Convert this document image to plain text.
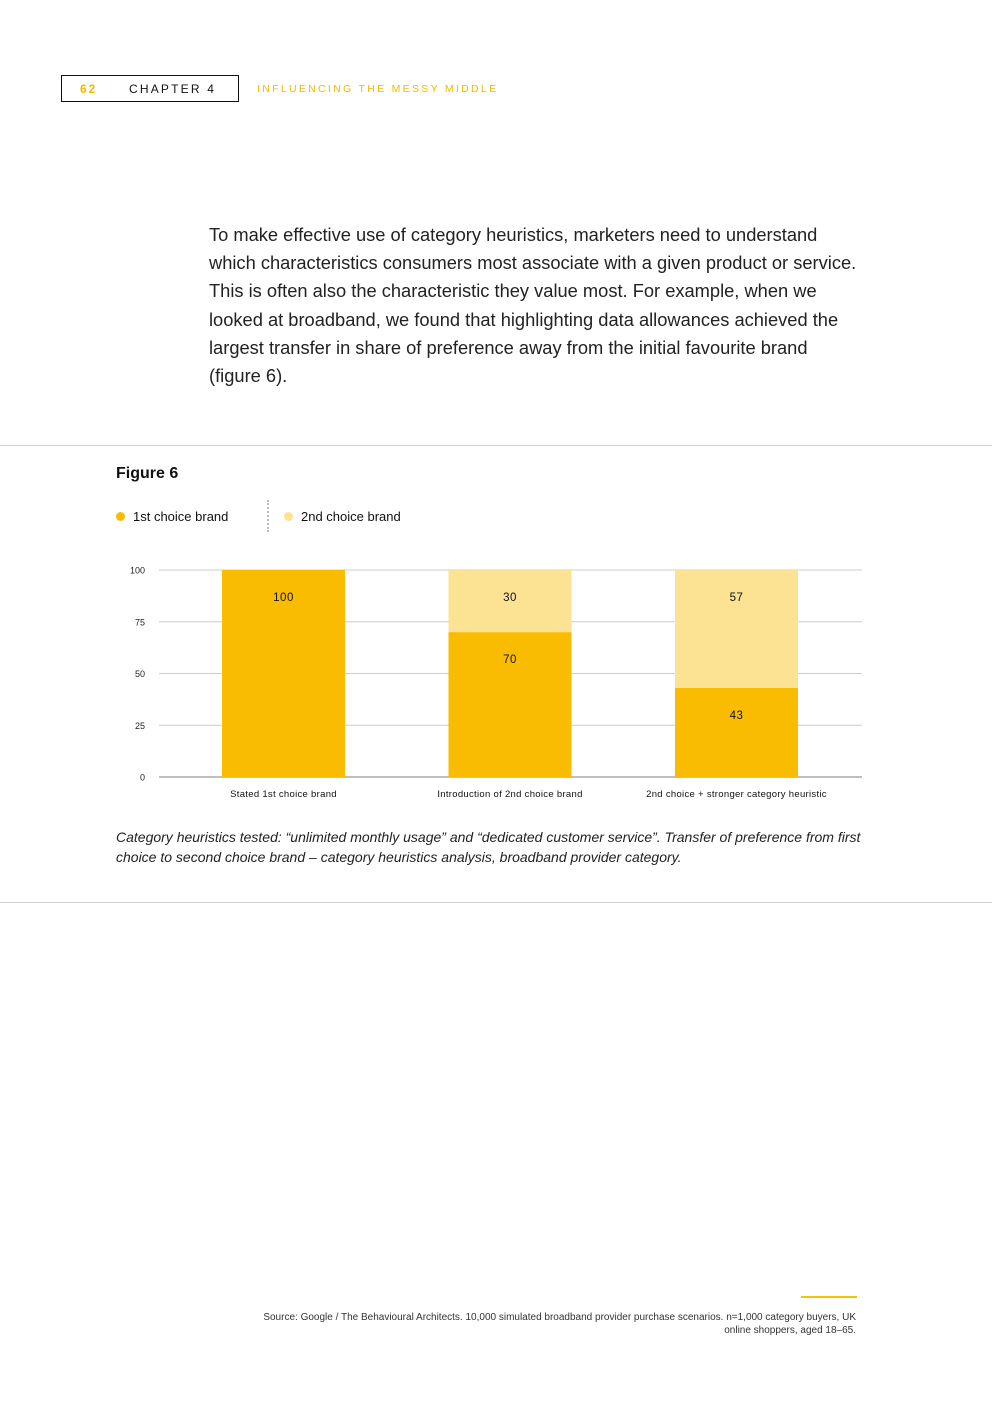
62	CHAPTER 4	INFLUENCING THE MESSY MIDDLE
To make effective use of category heuristics, marketers need to understand which characteristics consumers most associate with a given product or service. This is often also the characteristic they value most. For example, when we looked at broadband, we found that highlighting data allowances achieved the largest transfer in share of preference away from the initial favourite brand (figure 6).
Figure 6
1st choice brand	2nd choice brand
0
25
50
75
100
100
Stated 1st choice brand
70
30
Introduction of 2nd choice brand
43
57
2nd choice + stronger category heuristic
Category heuristics tested: “unlimited monthly usage” and “dedicated customer service”. Transfer of preference from first choice to second choice brand – category heuristics analysis, broadband provider category.
Source: Google / The Behavioural Architects. 10,000 simulated broadband provider purchase scenarios. n=1,000 category buyers, UK online shoppers, aged 18–65.
